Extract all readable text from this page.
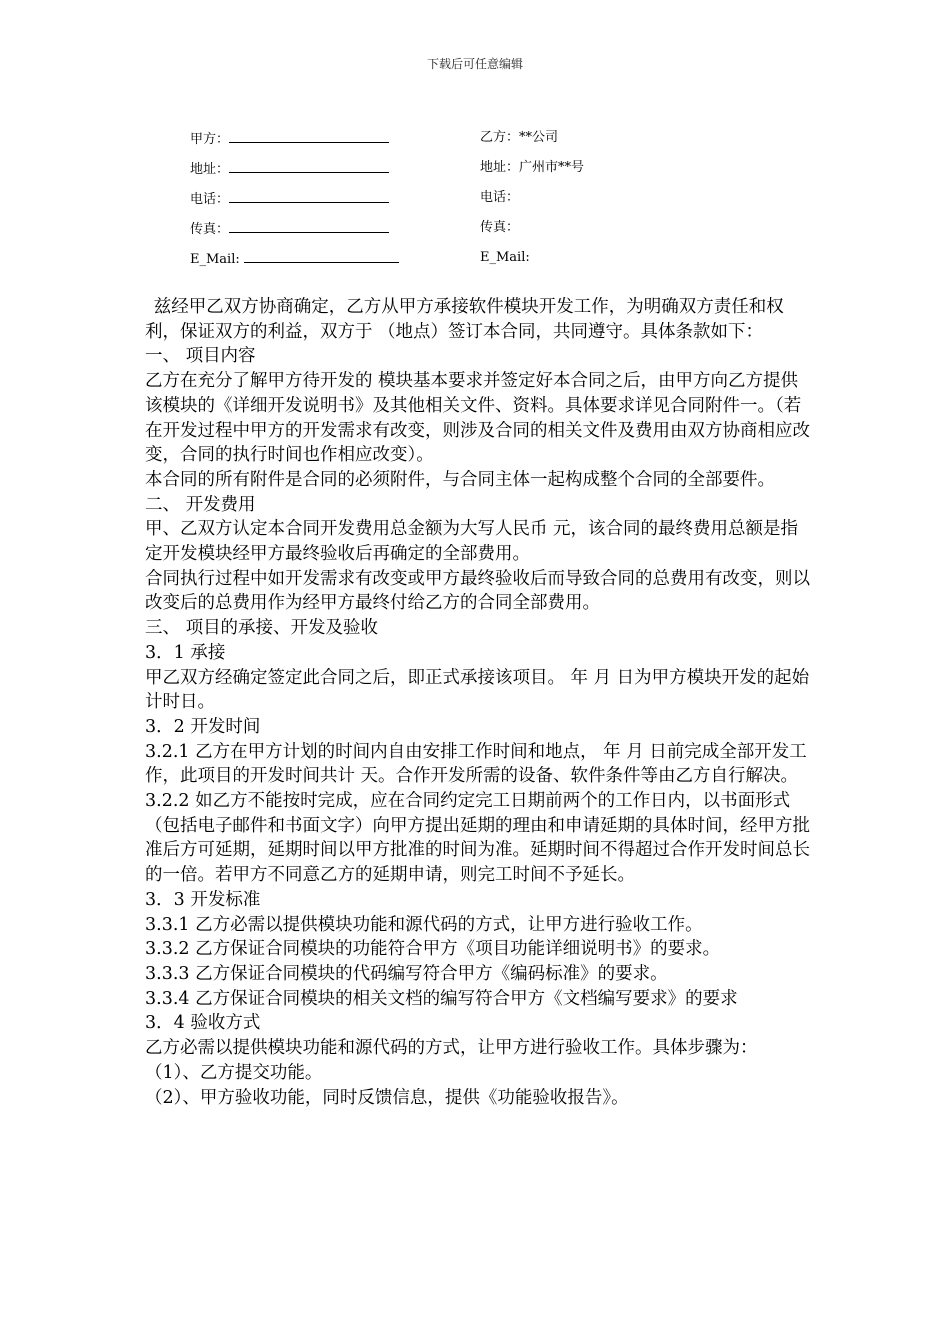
下载后可任意编辑
甲方：	乙方：**公司
地址：	地址：广州市**号
电话：	电话：
传真：	传真：
E_Mail:	E_Mail:

兹经甲乙双方协商确定，乙方从甲方承接软件模块开发工作，为明确双方责任和权利，保证双方的利益，双方于 （地点）签订本合同，共同遵守。具体条款如下：

一、 项目内容

乙方在充分了解甲方待开发的 模块基本要求并签定好本合同之后，由甲方向乙方提供该模块的《详细开发说明书》及其他相关文件、资料。具体要求详见合同附件一。（若在开发过程中甲方的开发需求有改变，则涉及合同的相关文件及费用由双方协商相应改变，合同的执行时间也作相应改变）。

本合同的所有附件是合同的必须附件，与合同主体一起构成整个合同的全部要件。

二、 开发费用

甲、乙双方认定本合同开发费用总金额为大写人民币 元，该合同的最终费用总额是指定开发模块经甲方最终验收后再确定的全部费用。

合同执行过程中如开发需求有改变或甲方最终验收后而导致合同的总费用有改变，则以改变后的总费用作为经甲方最终付给乙方的合同全部费用。

三、 项目的承接、开发及验收

3．1 承接

甲乙双方经确定签定此合同之后，即正式承接该项目。 年 月 日为甲方模块开发的起始计时日。

3．2 开发时间

3.2.1 乙方在甲方计划的时间内自由安排工作时间和地点， 年 月 日前完成全部开发工作，此项目的开发时间共计 天。合作开发所需的设备、软件条件等由乙方自行解决。

3.2.2 如乙方不能按时完成，应在合同约定完工日期前两个的工作日内，以书面形式（包括电子邮件和书面文字）向甲方提出延期的理由和申请延期的具体时间，经甲方批准后方可延期，延期时间以甲方批准的时间为准。延期时间不得超过合作开发时间总长的一倍。若甲方不同意乙方的延期申请，则完工时间不予延长。

3．3 开发标准

3.3.1 乙方必需以提供模块功能和源代码的方式，让甲方进行验收工作。

3.3.2 乙方保证合同模块的功能符合甲方《项目功能详细说明书》的要求。

3.3.3 乙方保证合同模块的代码编写符合甲方《编码标准》的要求。

3.3.4 乙方保证合同模块的相关文档的编写符合甲方《文档编写要求》的要求

3．4 验收方式

乙方必需以提供模块功能和源代码的方式，让甲方进行验收工作。具体步骤为：

（1）、乙方提交功能。

（2）、甲方验收功能，同时反馈信息，提供《功能验收报告》。
